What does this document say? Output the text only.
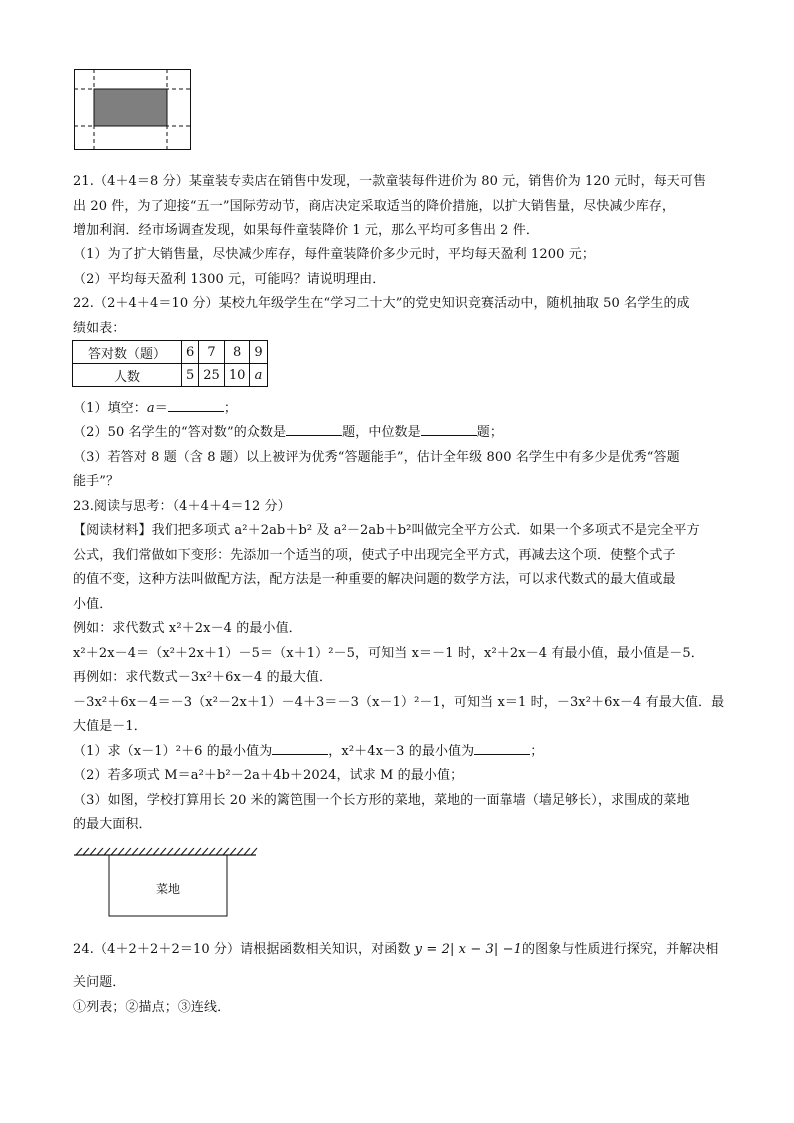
21.（4＋4＝8 分）某童装专卖店在销售中发现，一款童装每件进价为 80 元，销售价为 120 元时，每天可售
出 20 件，为了迎接“五一”国际劳动节，商店决定采取适当的降价措施，以扩大销售量，尽快减少库存，
增加利润．经市场调查发现，如果每件童装降价 1 元，那么平均可多售出 2 件．
（1）为了扩大销售量，尽快减少库存，每件童装降价多少元时，平均每天盈利 1200 元；
（2）平均每天盈利 1300 元，可能吗？请说明理由．
22.（2＋4＋4＝10 分）某校九年级学生在“学习二十大”的党史知识竞赛活动中，随机抽取 50 名学生的成
绩如表：
答对数（题）	6	7	8	9
人数	5	25	10	a
（1）填空：a＝	；
（2）50 名学生的“答对数”的众数是	题，中位数是	题；
（3）若答对 8 题（含 8 题）以上被评为优秀“答题能手”，估计全年级 800 名学生中有多少是优秀“答题
能手”？
23.阅读与思考：（4＋4＋4＝12 分）
【阅读材料】我们把多项式 a²＋2ab＋b² 及 a²－2ab＋b²叫做完全平方公式．如果一个多项式不是完全平方
公式，我们常做如下变形：先添加一个适当的项，使式子中出现完全平方式，再减去这个项．使整个式子
的值不变，这种方法叫做配方法，配方法是一种重要的解决问题的数学方法，可以求代数式的最大值或最
小值．
例如：求代数式 x²＋2x－4 的最小值．
x²＋2x－4＝（x²＋2x＋1）－5＝（x＋1）²－5，可知当 x＝－1 时，x²＋2x－4 有最小值，最小值是－5．
再例如：求代数式－3x²＋6x－4 的最大值．
－3x²＋6x－4＝－3（x²－2x＋1）－4＋3＝－3（x－1）²－1，可知当 x＝1 时，－3x²＋6x－4 有最大值．最
大值是－1．
（1）求（x－1）²＋6 的最小值为	，x²＋4x－3 的最小值为	；
（2）若多项式 M＝a²＋b²－2a＋4b＋2024，试求 M 的最小值；
（3）如图，学校打算用长 20 米的篱笆围一个长方形的菜地，菜地的一面靠墙（墙足够长），求围成的菜地
的最大面积．
菜地
24.（4＋2＋2＋2＝10 分）请根据函数相关知识，对函数 y = 2| x − 3| −1的图象与性质进行探究，并解决相
关问题．
①列表；②描点；③连线．
